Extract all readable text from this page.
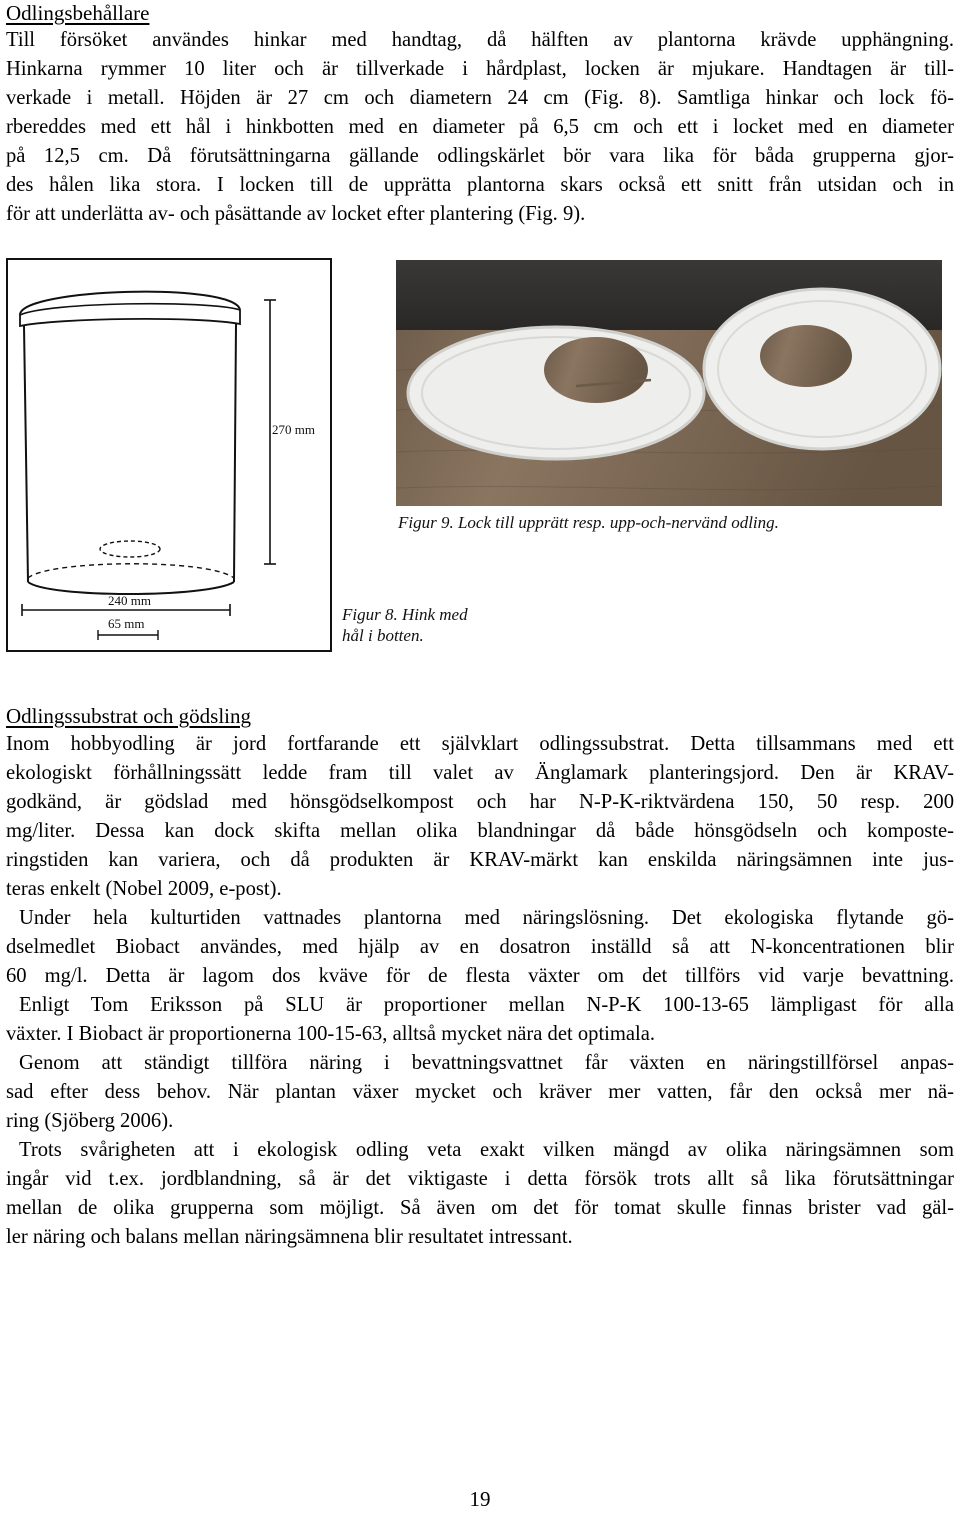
Odlingsbehållare
Till försöket användes hinkar med handtag, då hälften av plantorna krävde upphängning.
Hinkarna rymmer 10 liter och är tillverkade i hårdplast, locken är mjukare. Handtagen är till-
verkade i metall. Höjden är 27 cm och diametern 24 cm (Fig. 8). Samtliga hinkar och lock fö-
rbereddes med ett hål i hinkbotten med en diameter på 6,5 cm och ett i locket med en diameter
på 12,5 cm. Då förutsättningarna gällande odlingskärlet bör vara lika för båda grupperna gjor-
des hålen lika stora. I locken till de upprätta plantorna skars också ett snitt från utsidan och in
för att underlätta av- och påsättande av locket efter plantering (Fig. 9).
270 mm
240 mm
65 mm
Figur 9. Lock till upprätt resp. upp-och-nervänd odling.
Figur 8. Hink med
hål i botten.
Odlingssubstrat och gödsling
Inom hobbyodling är jord fortfarande ett självklart odlingssubstrat. Detta tillsammans med ett
ekologiskt förhållningssätt ledde fram till valet av Änglamark planteringsjord. Den är KRAV-
godkänd, är gödslad med hönsgödselkompost och har N-P-K-riktvärdena 150, 50 resp. 200
mg/liter. Dessa kan dock skifta mellan olika blandningar då både hönsgödseln och komposte-
ringstiden kan variera, och då produkten är KRAV-märkt kan enskilda näringsämnen inte jus-
teras enkelt (Nobel 2009, e-post).
Under hela kulturtiden vattnades plantorna med näringslösning. Det ekologiska flytande gö-
dselmedlet Biobact användes, med hjälp av en dosatron inställd så att N-koncentrationen blir
60 mg/l. Detta är lagom dos kväve för de flesta växter om det tillförs vid varje bevattning.
Enligt Tom Eriksson på SLU är proportioner mellan N-P-K 100-13-65 lämpligast för alla
växter. I Biobact är proportionerna 100-15-63, alltså mycket nära det optimala.
Genom att ständigt tillföra näring i bevattningsvattnet får växten en näringstillförsel anpas-
sad efter dess behov. När plantan växer mycket och kräver mer vatten, får den också mer nä-
ring (Sjöberg 2006).
Trots svårigheten att i ekologisk odling veta exakt vilken mängd av olika näringsämnen som
ingår vid t.ex. jordblandning, så är det viktigaste i detta försök trots allt så lika förutsättningar
mellan de olika grupperna som möjligt. Så även om det för tomat skulle finnas brister vad gäl-
ler näring och balans mellan näringsämnena blir resultatet intressant.
19
